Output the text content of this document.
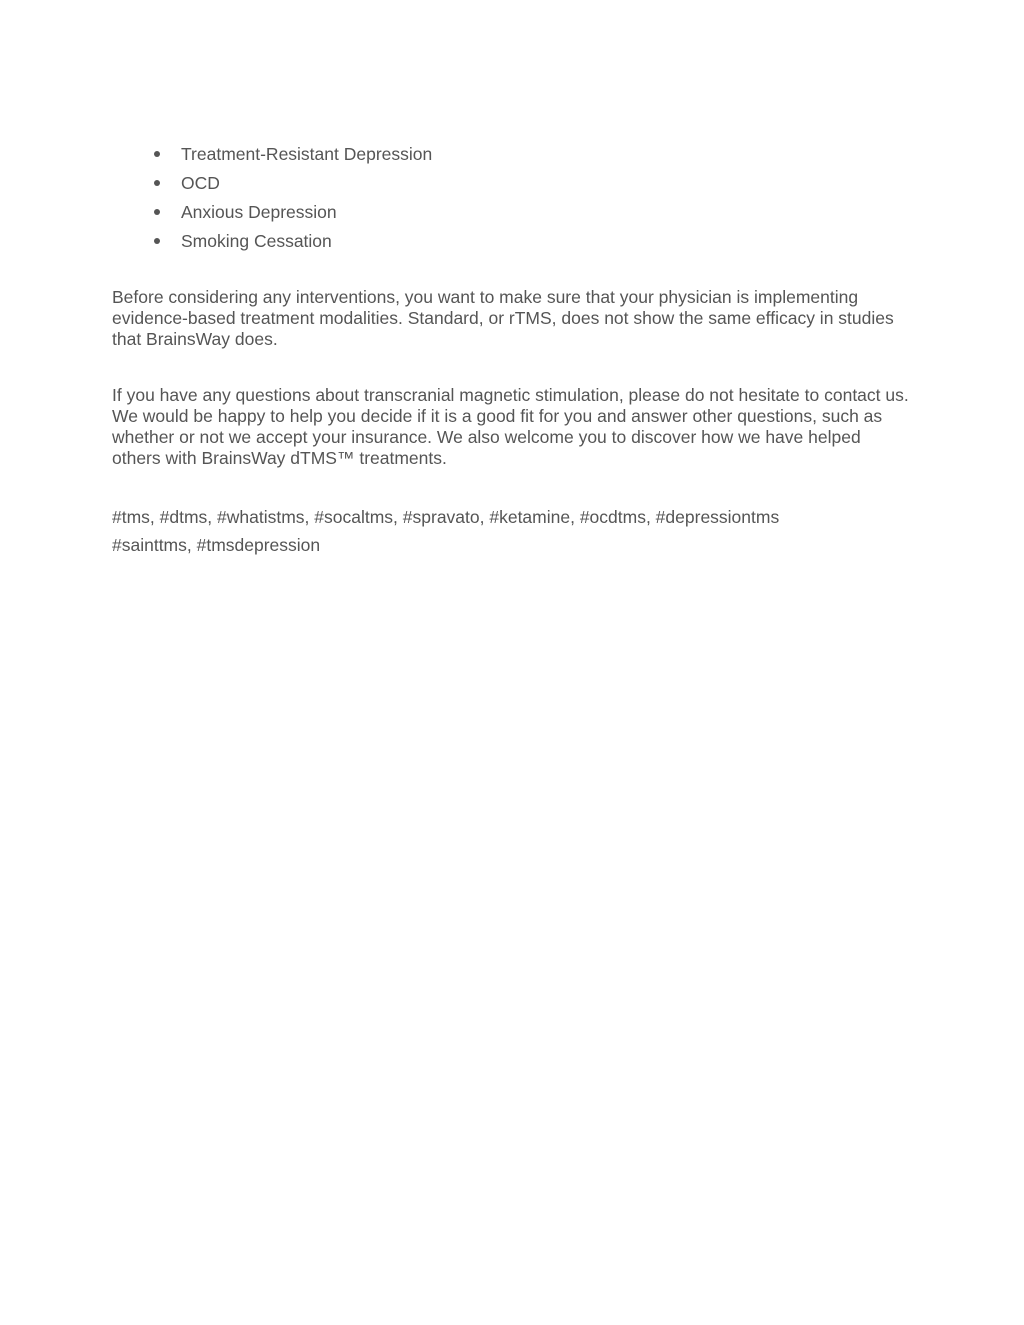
Treatment-Resistant Depression
OCD
Anxious Depression
Smoking Cessation

Before considering any interventions, you want to make sure that your physician is implementing evidence-based treatment modalities. Standard, or rTMS, does not show the same efficacy in studies that BrainsWay does.

If you have any questions about transcranial magnetic stimulation, please do not hesitate to contact us. We would be happy to help you decide if it is a good fit for you and answer other questions, such as whether or not we accept your insurance. We also welcome you to discover how we have helped others with BrainsWay dTMS™ treatments.

#tms, #dtms, #whatistms, #socaltms, #spravato, #ketamine, #ocdtms, #depressiontms
#sainttms, #tmsdepression
